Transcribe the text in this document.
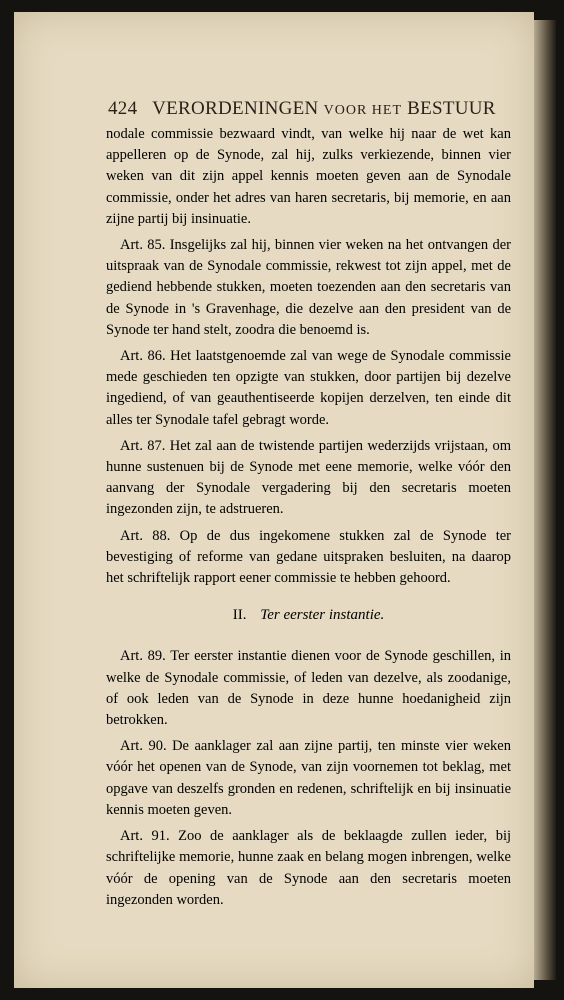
424 VERORDENINGEN VOOR HET BESTUUR

nodale commissie bezwaard vindt, van welke hij naar de wet kan appelleren op de Synode, zal hij, zulks verkiezende, binnen vier weken van dit zijn appel kennis moeten geven aan de Synodale commissie, onder het adres van haren secretaris, bij memorie, en aan zijne partij bij insinuatie.

Art. 85. Insgelijks zal hij, binnen vier weken na het ontvangen der uitspraak van de Synodale commissie, rekwest tot zijn appel, met de gediend hebbende stukken, moeten toezenden aan den secretaris van de Synode in 's Gravenhage, die dezelve aan den president van de Synode ter hand stelt, zoodra die benoemd is.

Art. 86. Het laatstgenoemde zal van wege de Synodale commissie mede geschieden ten opzigte van stukken, door partijen bij dezelve ingediend, of van geauthentiseerde kopijen derzelven, ten einde dit alles ter Synodale tafel gebragt worde.

Art. 87. Het zal aan de twistende partijen wederzijds vrijstaan, om hunne sustenuen bij de Synode met eene memorie, welke vóór den aanvang der Synodale vergadering bij den secretaris moeten ingezonden zijn, te adstrueren.

Art. 88. Op de dus ingekomene stukken zal de Synode ter bevestiging of reforme van gedane uitspraken besluiten, na daarop het schriftelijk rapport eener commissie te hebben gehoord.

II. Ter eerster instantie.

Art. 89. Ter eerster instantie dienen voor de Synode geschillen, in welke de Synodale commissie, of leden van dezelve, als zoodanige, of ook leden van de Synode in deze hunne hoedanigheid zijn betrokken.

Art. 90. De aanklager zal aan zijne partij, ten minste vier weken vóór het openen van de Synode, van zijn voornemen tot beklag, met opgave van deszelfs gronden en redenen, schriftelijk en bij insinuatie kennis moeten geven.

Art. 91. Zoo de aanklager als de beklaagde zullen ieder, bij schriftelijke memorie, hunne zaak en belang mogen inbrengen, welke vóór de opening van de Synode aan den secretaris moeten ingezonden worden.
